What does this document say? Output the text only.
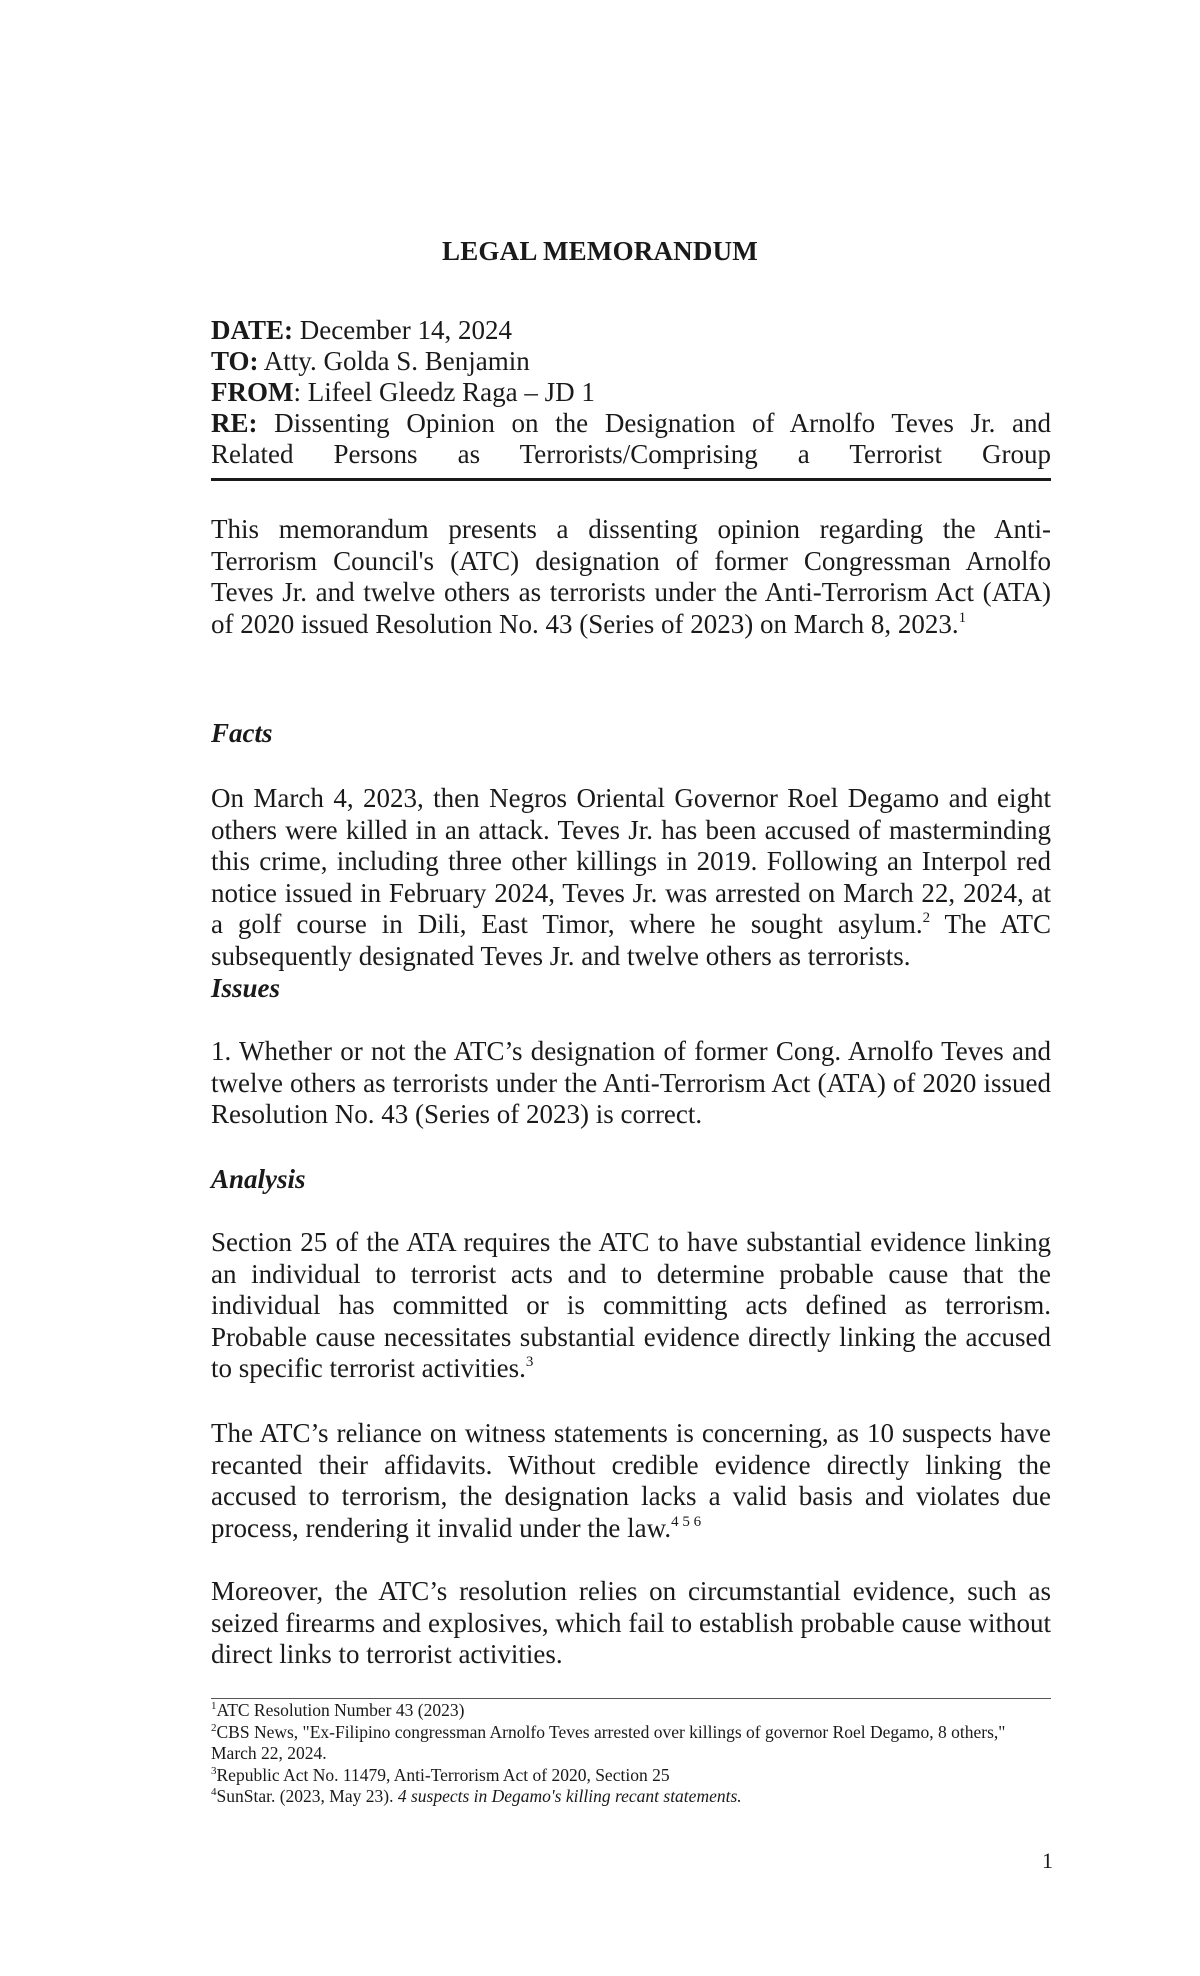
LEGAL MEMORANDUM
DATE: December 14, 2024
TO: Atty. Golda S. Benjamin
FROM: Lifeel Gleedz Raga – JD 1
RE: Dissenting Opinion on the Designation of Arnolfo Teves Jr. and
Related Persons as Terrorists/Comprising a Terrorist Group
This memorandum presents a dissenting opinion regarding the Anti-Terrorism Council's (ATC) designation of former Congressman Arnolfo Teves Jr. and twelve others as terrorists under the Anti-Terrorism Act (ATA) of 2020 issued Resolution No. 43 (Series of 2023) on March 8, 2023.$^1$
Facts
On March 4, 2023, then Negros Oriental Governor Roel Degamo and eight others were killed in an attack. Teves Jr. has been accused of masterminding this crime, including three other killings in 2019. Following an Interpol red notice issued in February 2024, Teves Jr. was arrested on March 22, 2024, at a golf course in Dili, East Timor, where he sought asylum.$^2$ The ATC subsequently designated Teves Jr. and twelve others as terrorists.
Issues
1. Whether or not the ATC’s designation of former Cong. Arnolfo Teves and twelve others as terrorists under the Anti-Terrorism Act (ATA) of 2020 issued Resolution No. 43 (Series of 2023) is correct.
Analysis
Section 25 of the ATA requires the ATC to have substantial evidence linking an individual to terrorist acts and to determine probable cause that the individual has committed or is committing acts defined as terrorism. Probable cause necessitates substantial evidence directly linking the accused to specific terrorist activities.$^3$
The ATC’s reliance on witness statements is concerning, as 10 suspects have recanted their affidavits. Without credible evidence directly linking the accused to terrorism, the designation lacks a valid basis and violates due process, rendering it invalid under the law.$^{4 5 6}$
Moreover, the ATC’s resolution relies on circumstantial evidence, such as seized firearms and explosives, which fail to establish probable cause without direct links to terrorist activities.
$^1$ATC Resolution Number 43 (2023)
$^2$CBS News, "Ex-Filipino congressman Arnolfo Teves arrested over killings of governor Roel Degamo, 8 others," March 22, 2024.
$^3$Republic Act No. 11479, Anti-Terrorism Act of 2020, Section 25
$^4$SunStar. (2023, May 23). 4 suspects in Degamo's killing recant statements.
1
